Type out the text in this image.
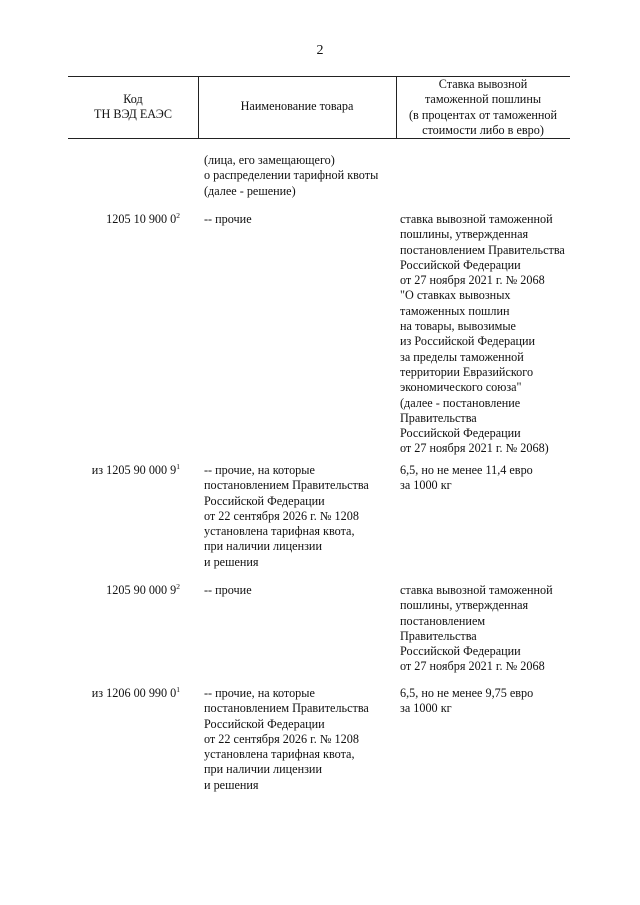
2
Код
ТН ВЭД ЕАЭС
Наименование товара
Ставка вывозной
таможенной пошлины
(в процентах от таможенной
стоимости либо в евро)
(лица, его замещающего)
о распределении тарифной квоты
(далее - решение)
1205 10 900 $0^2$ -- прочие	ставка вывозной таможенной
пошлины, утвержденная
постановлением Правительства
Российской Федерации
от 27 ноября 2021 г. № 2068
"О ставках вывозных
таможенных пошлин
на товары, вывозимые
из Российской Федерации
за пределы таможенной
территории Евразийского
экономического союза"
(далее - постановление
Правительства
Российской Федерации
от 27 ноября 2021 г. № 2068)
из 1205 90 000 $9^1$ -- прочие, на которые
постановлением Правительства
Российской Федерации
от 22 сентября 2026 г. № 1208
установлена тарифная квота,
при наличии лицензии
и решения
6,5, но не менее 11,4 евро
за 1000 кг
1205 90 000 $9^2$ -- прочие	ставка вывозной таможенной
пошлины, утвержденная
постановлением
Правительства
Российской Федерации
от 27 ноября 2021 г. № 2068
из 1206 00 990 $0^1$ -- прочие, на которые
постановлением Правительства
Российской Федерации
от 22 сентября 2026 г. № 1208
установлена тарифная квота,
при наличии лицензии
и решения
6,5, но не менее 9,75 евро
за 1000 кг
